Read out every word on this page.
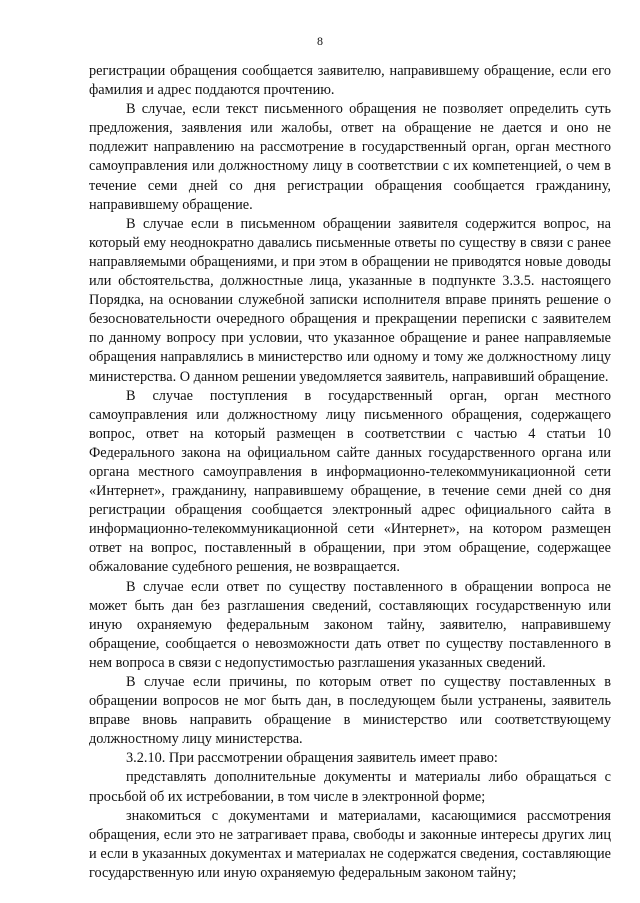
8

регистрации обращения сообщается заявителю, направившему обращение, если его фамилия и адрес поддаются прочтению.

В случае, если текст письменного обращения не позволяет определить суть предложения, заявления или жалобы, ответ на обращение не дается и оно не подлежит направлению на рассмотрение в государственный орган, орган местного самоуправления или должностному лицу в соответствии с их компетенцией, о чем в течение семи дней со дня регистрации обращения сообщается гражданину, направившему обращение.

В случае если в письменном обращении заявителя содержится вопрос, на который ему неоднократно давались письменные ответы по существу в связи с ранее направляемыми обращениями, и при этом в обращении не приводятся новые доводы или обстоятельства, должностные лица, указанные в подпункте 3.3.5. настоящего Порядка, на основании служебной записки исполнителя вправе принять решение о безосновательности очередного обращения и прекращении переписки с заявителем по данному вопросу при условии, что указанное обращение и ранее направляемые обращения направлялись в министерство или одному и тому же должностному лицу министерства. О данном решении уведомляется заявитель, направивший обращение.

В случае поступления в государственный орган, орган местного самоуправления или должностному лицу письменного обращения, содержащего вопрос, ответ на который размещен в соответствии с частью 4 статьи 10 Федерального закона на официальном сайте данных государственного органа или органа местного самоуправления в информационно-телекоммуникационной сети «Интернет», гражданину, направившему обращение, в течение семи дней со дня регистрации обращения сообщается электронный адрес официального сайта в информационно-телекоммуникационной сети «Интернет», на котором размещен ответ на вопрос, поставленный в обращении, при этом обращение, содержащее обжалование судебного решения, не возвращается.

В случае если ответ по существу поставленного в обращении вопроса не может быть дан без разглашения сведений, составляющих государственную или иную охраняемую федеральным законом тайну, заявителю, направившему обращение, сообщается о невозможности дать ответ по существу поставленного в нем вопроса в связи с недопустимостью разглашения указанных сведений.

В случае если причины, по которым ответ по существу поставленных в обращении вопросов не мог быть дан, в последующем были устранены, заявитель вправе вновь направить обращение в министерство или соответствующему должностному лицу министерства.

3.2.10. При рассмотрении обращения заявитель имеет право:

представлять дополнительные документы и материалы либо обращаться с просьбой об их истребовании, в том числе в электронной форме;

знакомиться с документами и материалами, касающимися рассмотрения обращения, если это не затрагивает права, свободы и законные интересы других лиц и если в указанных документах и материалах не содержатся сведения, составляющие государственную или иную охраняемую федеральным законом тайну;
